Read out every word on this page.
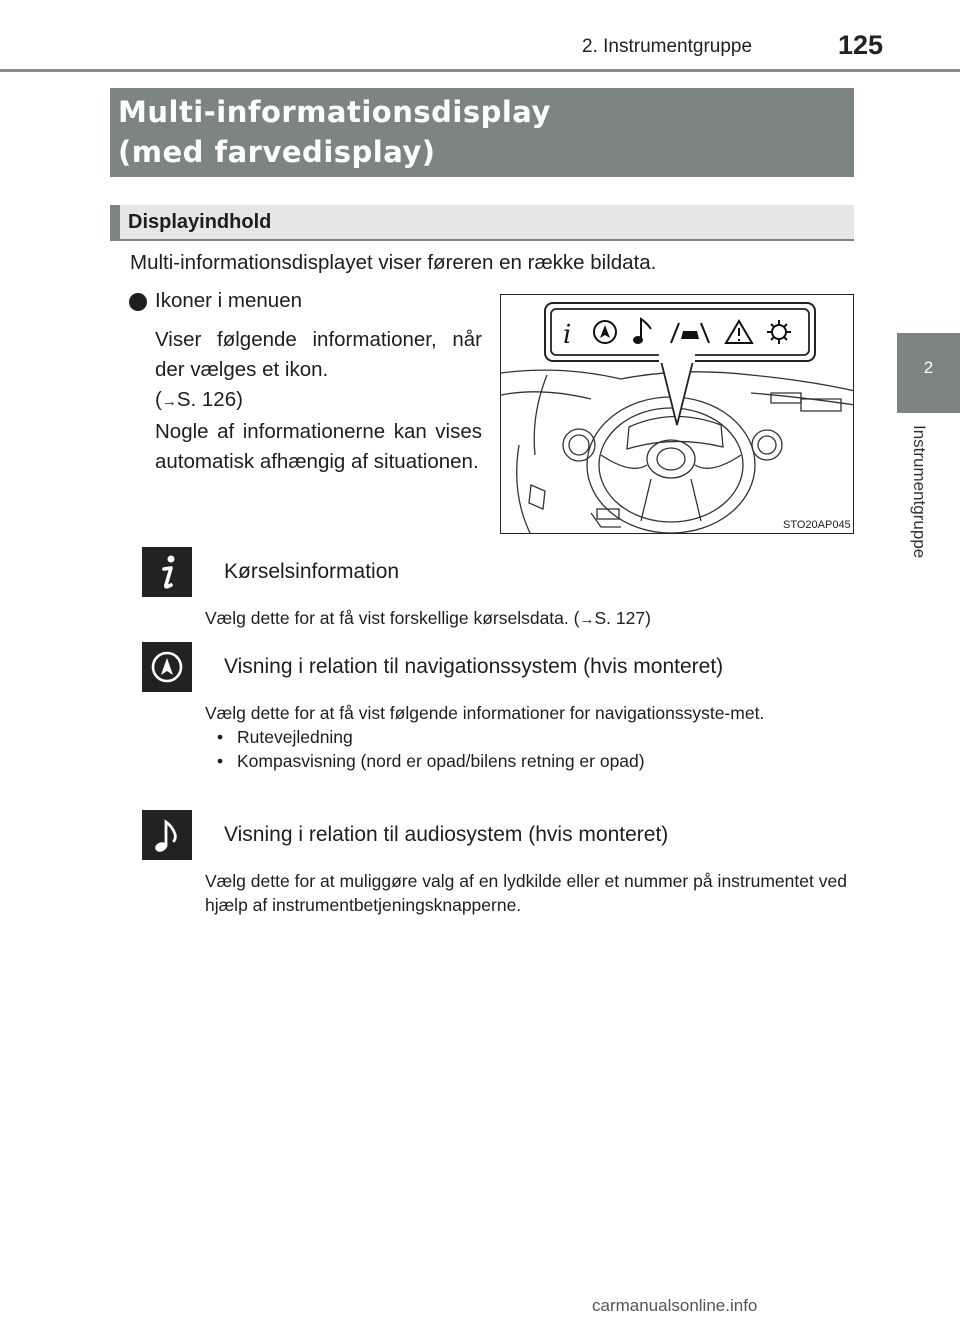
2. Instrumentgruppe	125
2
Instrumentgruppe
Multi-informationsdisplay
(med farvedisplay)
Displayindhold
Multi-informationsdisplayet viser føreren en række bildata.
Ikoner i menuen

Viser følgende informationer, når der vælges et ikon.

(→S. 126)

Nogle af informationerne kan vises automatisk afhængig af situationen.

i
STO20AP045
Kørselsinformation
Vælg dette for at få vist forskellige kørselsdata. (→S. 127)
Visning i relation til navigationssystem (hvis monteret)
Vælg dette for at få vist følgende informationer for navigationssyste-met.
• Rutevejledning
• Kompasvisning (nord er opad/bilens retning er opad)
Visning i relation til audiosystem (hvis monteret)
Vælg dette for at muliggøre valg af en lydkilde eller et nummer på instrumentet ved hjælp af instrumentbetjeningsknapperne.
carmanualsonline.info
